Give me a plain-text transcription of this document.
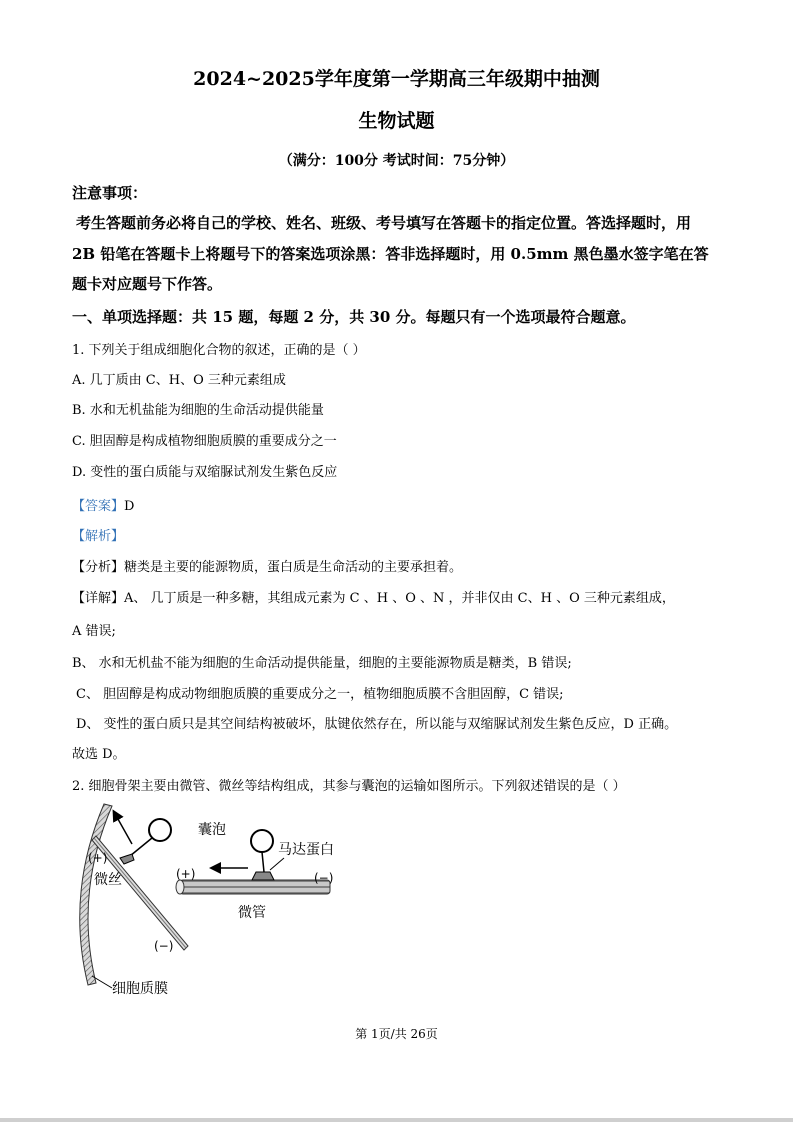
2024~2025学年度第一学期高三年级期中抽测
生物试题
（满分：100分 考试时间：75分钟）
注意事项：
考生答题前务必将自己的学校、姓名、班级、考号填写在答题卡的指定位置。答选择题时，用
2B 铅笔在答题卡上将题号下的答案选项涂黑：答非选择题时，用 0.5mm 黑色墨水签字笔在答
题卡对应题号下作答。
一、单项选择题：共 15 题，每题 2 分，共 30 分。每题只有一个选项最符合题意。
1. 下列关于组成细胞化合物的叙述，正确的是（ ）
A. 几丁质由 C、H、O 三种元素组成
B. 水和无机盐能为细胞的生命活动提供能量
C. 胆固醇是构成植物细胞质膜的重要成分之一
D. 变性的蛋白质能与双缩脲试剂发生紫色反应
【答案】D
【解析】
【分析】糖类是主要的能源物质，蛋白质是生命活动的主要承担着。
【详解】A、 几丁质是一种多糖，其组成元素为 C 、H 、O 、N ，并非仅由 C、H 、O 三种元素组成，
A 错误;
B、 水和无机盐不能为细胞的生命活动提供能量，细胞的主要能源物质是糖类，B 错误;
C、 胆固醇是构成动物细胞质膜的重要成分之一，植物细胞质膜不含胆固醇，C 错误;
D、 变性的蛋白质只是其空间结构被破坏，肽键依然存在，所以能与双缩脲试剂发生紫色反应，D 正确。
故选 D。
2. 细胞骨架主要由微管、微丝等结构组成，其参与囊泡的运输如图所示。下列叙述错误的是（ ）
囊泡
马达蛋白
(+)
微丝
(−)
(+)	(−)
微管
细胞质膜
第 1页/共 26页
